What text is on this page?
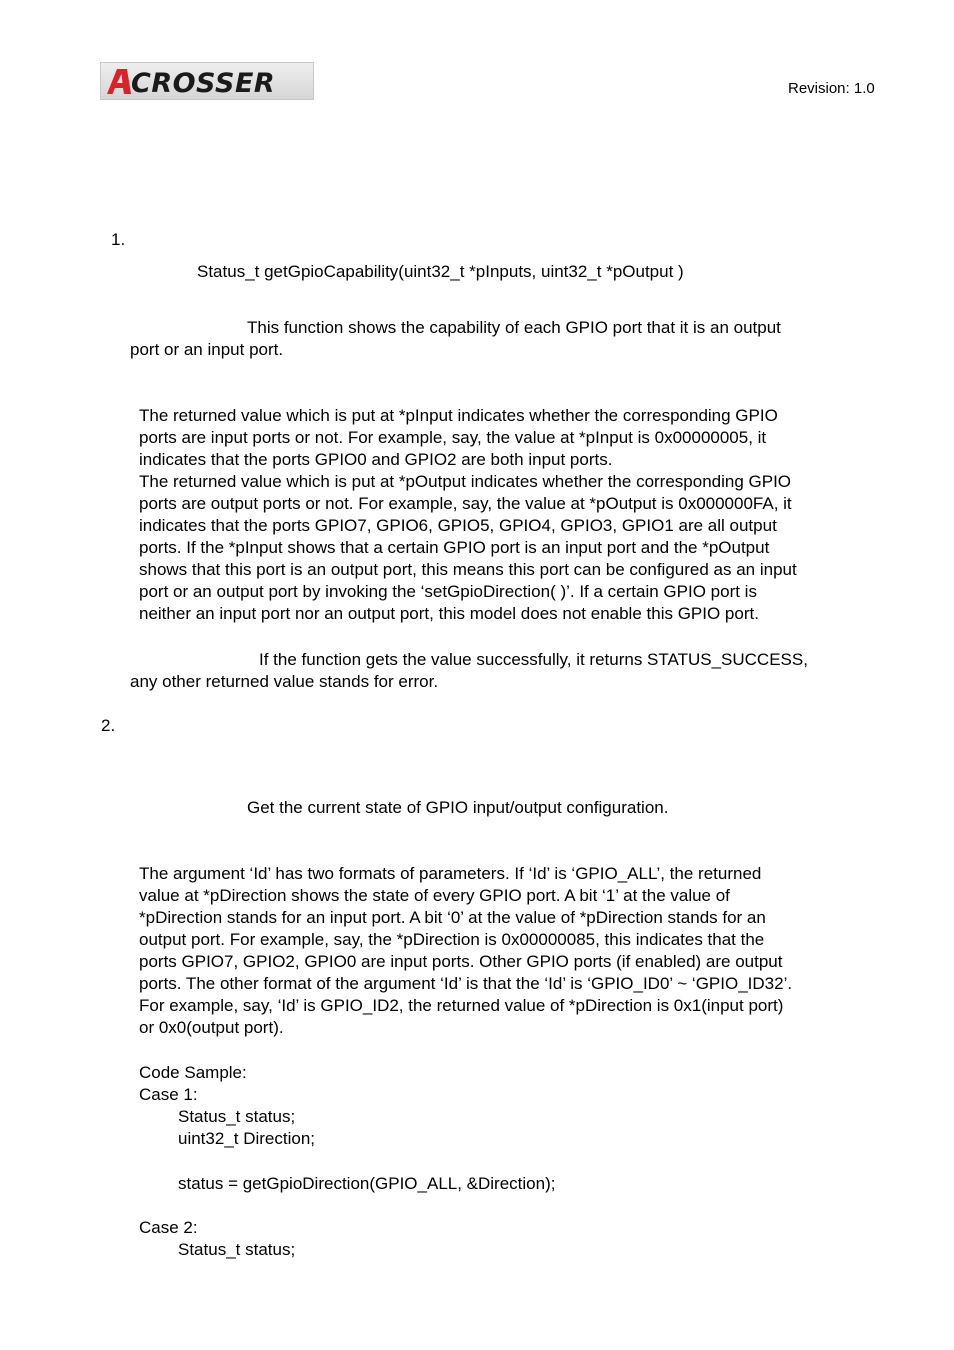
CROSSER	Revision: 1.0
1.
Status_t getGpioCapability(uint32_t *pInputs, uint32_t *pOutput )
This function shows the capability of each GPIO port that it is an output
port or an input port.
The returned value which is put at *pInput indicates whether the corresponding GPIO
ports are input ports or not. For example, say, the value at *pInput is 0x00000005, it
indicates that the ports GPIO0 and GPIO2 are both input ports.
The returned value which is put at *pOutput indicates whether the corresponding GPIO
ports are output ports or not. For example, say, the value at *pOutput is 0x000000FA, it
indicates that the ports GPIO7, GPIO6, GPIO5, GPIO4, GPIO3, GPIO1 are all output
ports. If the *pInput shows that a certain GPIO port is an input port and the *pOutput
shows that this port is an output port, this means this port can be configured as an input
port or an output port by invoking the ‘setGpioDirection( )’. If a certain GPIO port is
neither an input port nor an output port, this model does not enable this GPIO port.
If the function gets the value successfully, it returns STATUS_SUCCESS,
any other returned value stands for error.
2.
Get the current state of GPIO input/output configuration.
The argument ‘Id’ has two formats of parameters. If ‘Id’ is ‘GPIO_ALL’, the returned
value at *pDirection shows the state of every GPIO port. A bit ‘1’ at the value of
*pDirection stands for an input port. A bit ‘0’ at the value of *pDirection stands for an
output port. For example, say, the *pDirection is 0x00000085, this indicates that the
ports GPIO7, GPIO2, GPIO0 are input ports. Other GPIO ports (if enabled) are output
ports. The other format of the argument ‘Id’ is that the ‘Id’ is ‘GPIO_ID0’ ~ ‘GPIO_ID32’.
For example, say, ‘Id’ is GPIO_ID2, the returned value of *pDirection is 0x1(input port)
or 0x0(output port).
Code Sample:
Case 1:
Status_t status;
uint32_t Direction;
status = getGpioDirection(GPIO_ALL, &Direction);
Case 2:
Status_t status;
